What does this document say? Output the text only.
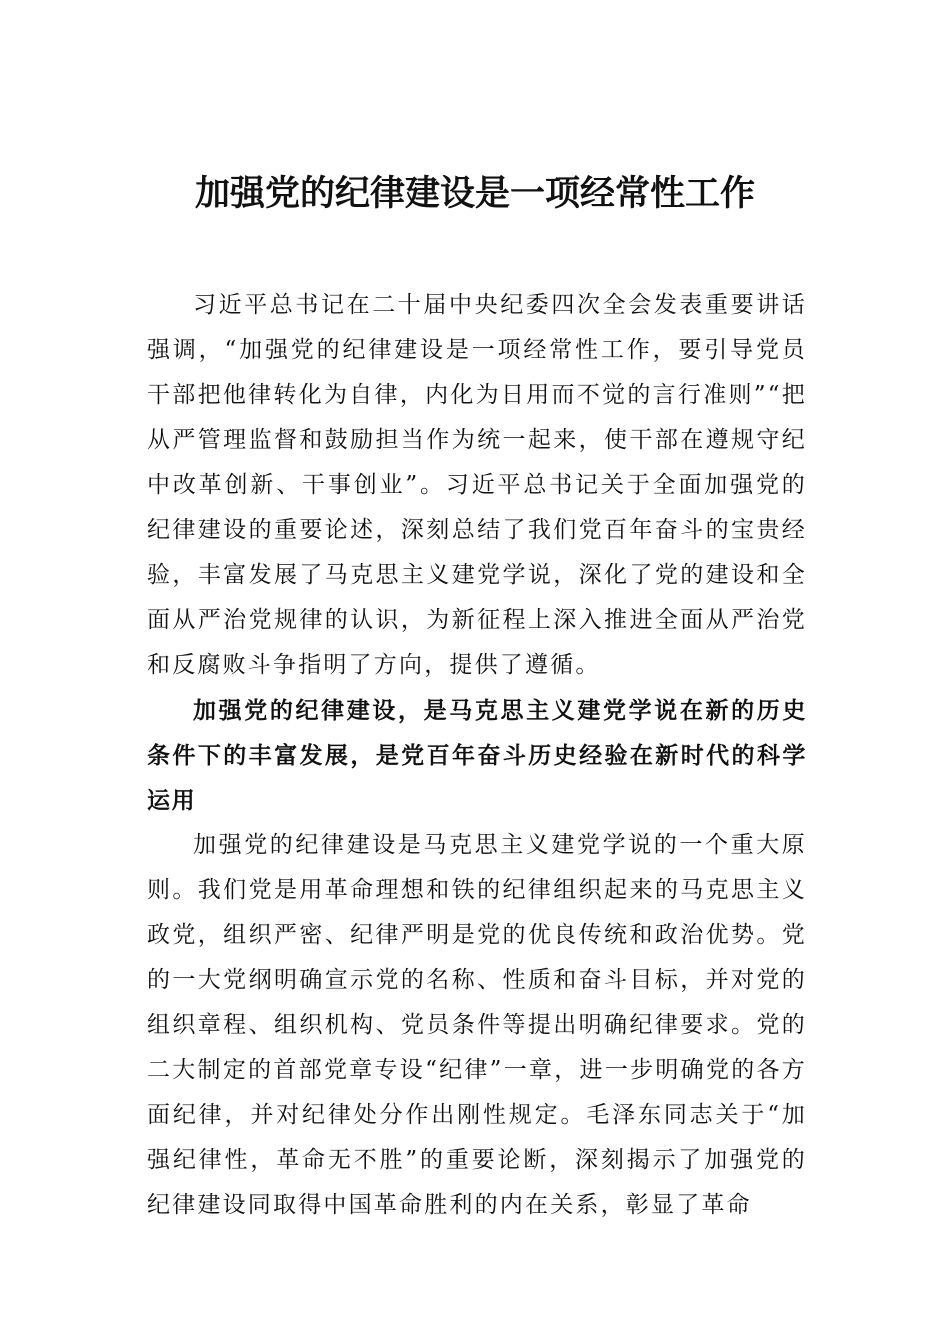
加强党的纪律建设是一项经常性工作

习近平总书记在二十届中央纪委四次全会发表重要讲话强调，“加强党的纪律建设是一项经常性工作，要引导党员干部把他律转化为自律，内化为日用而不觉的言行准则”“把从严管理监督和鼓励担当作为统一起来，使干部在遵规守纪中改革创新、干事创业”。习近平总书记关于全面加强党的纪律建设的重要论述，深刻总结了我们党百年奋斗的宝贵经验，丰富发展了马克思主义建党学说，深化了党的建设和全面从严治党规律的认识，为新征程上深入推进全面从严治党和反腐败斗争指明了方向，提供了遵循。

加强党的纪律建设，是马克思主义建党学说在新的历史条件下的丰富发展，是党百年奋斗历史经验在新时代的科学运用

加强党的纪律建设是马克思主义建党学说的一个重大原则。我们党是用革命理想和铁的纪律组织起来的马克思主义政党，组织严密、纪律严明是党的优良传统和政治优势。党的一大党纲明确宣示党的名称、性质和奋斗目标，并对党的组织章程、组织机构、党员条件等提出明确纪律要求。党的二大制定的首部党章专设“纪律”一章，进一步明确党的各方面纪律，并对纪律处分作出刚性规定。毛泽东同志关于“加强纪律性，革命无不胜”的重要论断，深刻揭示了加强党的纪律建设同取得中国革命胜利的内在关系，彰显了革命
